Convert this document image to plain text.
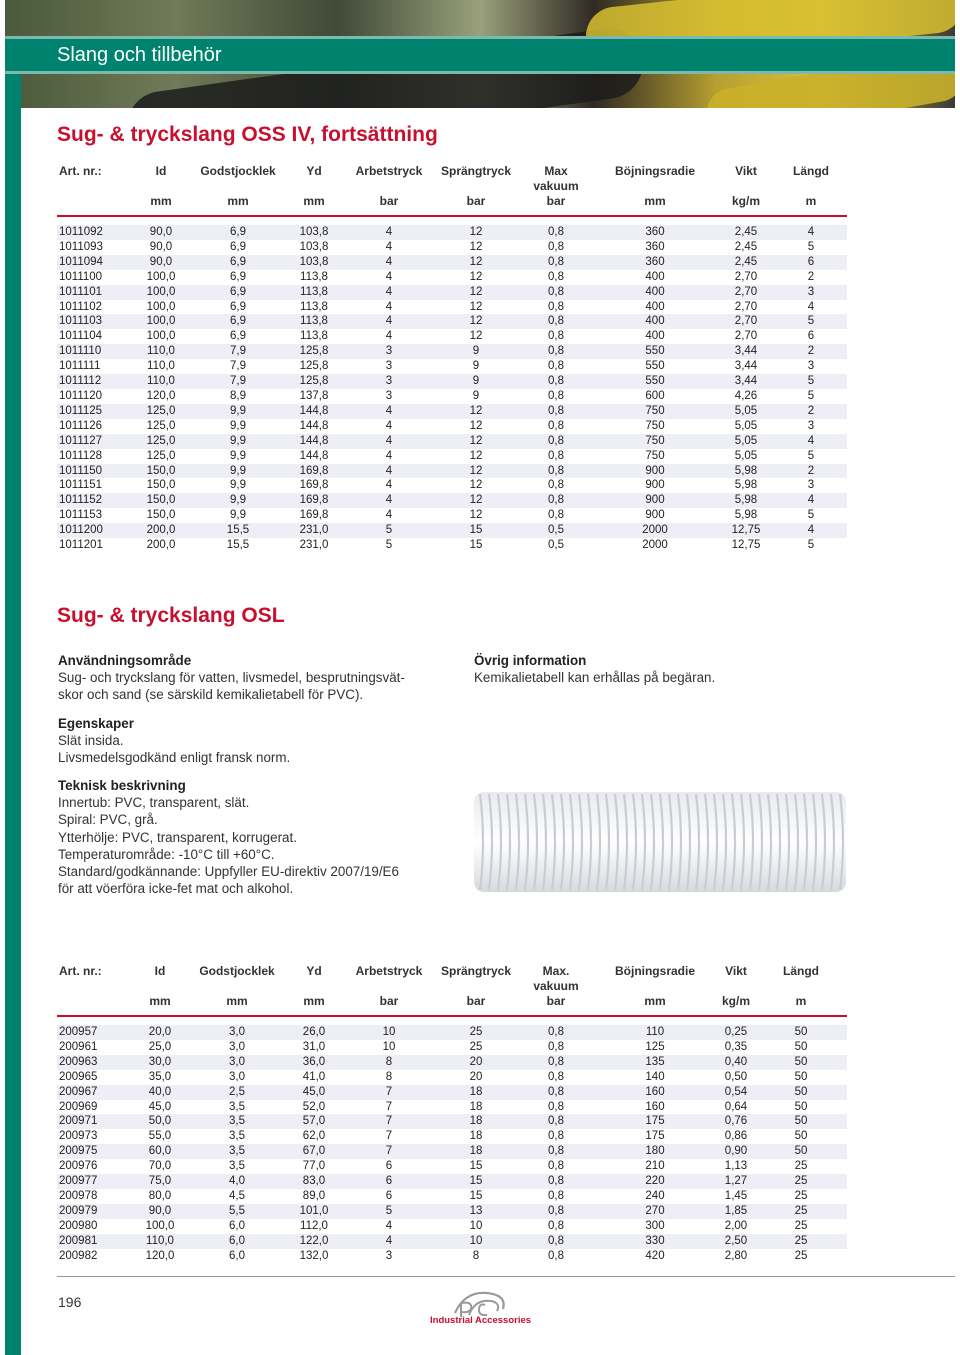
Slang och tillbehör
Sug- & tryckslang OSS IV, fortsättning
Art. nr.:	Id	Godstjocklek	Yd	Arbetstryck	Sprängtryck	Max vakuum	Böjningsradie	Vikt	Längd
	mm	mm	mm	bar	bar	bar	mm	kg/m	m

1011092	90,0	6,9	103,8	4	12	0,8	360	2,45	4
1011093	90,0	6,9	103,8	4	12	0,8	360	2,45	5
1011094	90,0	6,9	103,8	4	12	0,8	360	2,45	6
1011100	100,0	6,9	113,8	4	12	0,8	400	2,70	2
1011101	100,0	6,9	113,8	4	12	0,8	400	2,70	3
1011102	100,0	6,9	113,8	4	12	0,8	400	2,70	4
1011103	100,0	6,9	113,8	4	12	0,8	400	2,70	5
1011104	100,0	6,9	113,8	4	12	0,8	400	2,70	6
1011110	110,0	7,9	125,8	3	9	0,8	550	3,44	2
1011111	110,0	7,9	125,8	3	9	0,8	550	3,44	3
1011112	110,0	7,9	125,8	3	9	0,8	550	3,44	5
1011120	120,0	8,9	137,8	3	9	0,8	600	4,26	5
1011125	125,0	9,9	144,8	4	12	0,8	750	5,05	2
1011126	125,0	9,9	144,8	4	12	0,8	750	5,05	3
1011127	125,0	9,9	144,8	4	12	0,8	750	5,05	4
1011128	125,0	9,9	144,8	4	12	0,8	750	5,05	5
1011150	150,0	9,9	169,8	4	12	0,8	900	5,98	2
1011151	150,0	9,9	169,8	4	12	0,8	900	5,98	3
1011152	150,0	9,9	169,8	4	12	0,8	900	5,98	4
1011153	150,0	9,9	169,8	4	12	0,8	900	5,98	5
1011200	200,0	15,5	231,0	5	15	0,5	2000	12,75	4
1011201	200,0	15,5	231,0	5	15	0,5	2000	12,75	5
Sug- & tryckslang OSL
Användningsområde
Sug- och tryckslang för vatten, livsmedel, besprutningsvät-
skor och sand (se särskild kemikalietabell för PVC).
Övrig information
Kemikalietabell kan erhållas på begäran.
Egenskaper
Slät insida.
Livsmedelsgodkänd enligt fransk norm.
Teknisk beskrivning
Innertub: PVC, transparent, slät.
Spiral: PVC, grå.
Ytterhölje: PVC, transparent, korrugerat.
Temperaturområde: -10°C till +60°C.
Standard/godkännande: Uppfyller EU-direktiv 2007/19/E6
för att vöerföra icke-fet mat och alkohol.
Art. nr.:	Id	Godstjocklek	Yd	Arbetstryck	Sprängtryck	Max. vakuum	Böjningsradie	Vikt	Längd
	mm	mm	mm	bar	bar	bar	mm	kg/m	m

200957	20,0	3,0	26,0	10	25	0,8	110	0,25	50
200961	25,0	3,0	31,0	10	25	0,8	125	0,35	50
200963	30,0	3,0	36,0	8	20	0,8	135	0,40	50
200965	35,0	3,0	41,0	8	20	0,8	140	0,50	50
200967	40,0	2,5	45,0	7	18	0,8	160	0,54	50
200969	45,0	3,5	52,0	7	18	0,8	160	0,64	50
200971	50,0	3,5	57,0	7	18	0,8	175	0,76	50
200973	55,0	3,5	62,0	7	18	0,8	175	0,86	50
200975	60,0	3,5	67,0	7	18	0,8	180	0,90	50
200976	70,0	3,5	77,0	6	15	0,8	210	1,13	25
200977	75,0	4,0	83,0	6	15	0,8	220	1,27	25
200978	80,0	4,5	89,0	6	15	0,8	240	1,45	25
200979	90,0	5,5	101,0	5	13	0,8	270	1,85	25
200980	100,0	6,0	112,0	4	10	0,8	300	2,00	25
200981	110,0	6,0	122,0	4	10	0,8	330	2,50	25
200982	120,0	6,0	132,0	3	8	0,8	420	2,80	25
196
Industrial Accessories
